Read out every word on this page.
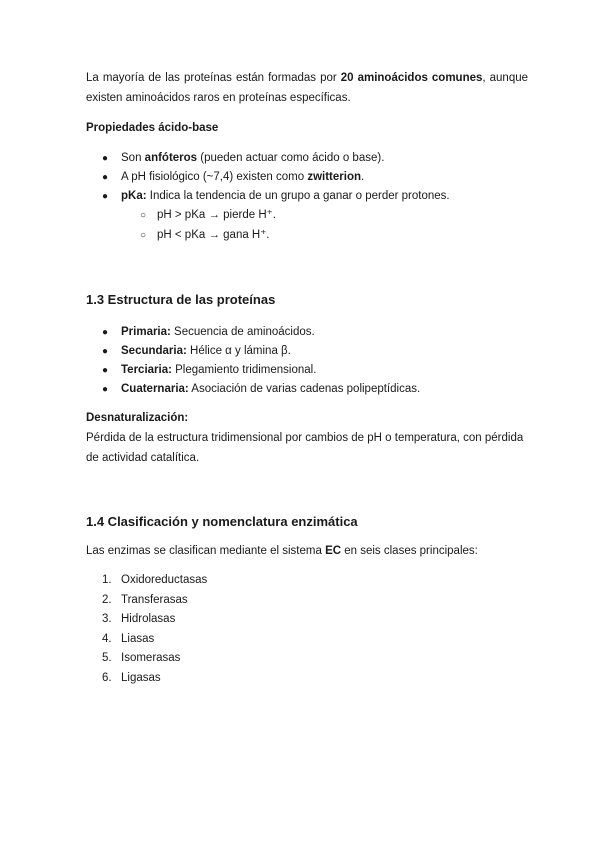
La mayoría de las proteínas están formadas por 20 aminoácidos comunes, aunque existen aminoácidos raros en proteínas específicas.

Propiedades ácido-base

● Son anfóteros (pueden actuar como ácido o base).
● A pH fisiológico (~7,4) existen como zwitterion.
● pKa: Indica la tendencia de un grupo a ganar o perder protones.
○ pH > pKa → pierde H⁺.
○ pH < pKa → gana H⁺.
1.3 Estructura de las proteínas
● Primaria: Secuencia de aminoácidos.
● Secundaria: Hélice α y lámina β.
● Terciaria: Plegamiento tridimensional.
● Cuaternaria: Asociación de varias cadenas polipeptídicas.

Desnaturalización:

Pérdida de la estructura tridimensional por cambios de pH o temperatura, con pérdida de actividad catalítica.

1.4 Clasificación y nomenclatura enzimática

Las enzimas se clasifican mediante el sistema EC en seis clases principales:

1. Oxidoreductasas
2. Transferasas
3. Hidrolasas
4. Liasas
5. Isomerasas
6. Ligasas
